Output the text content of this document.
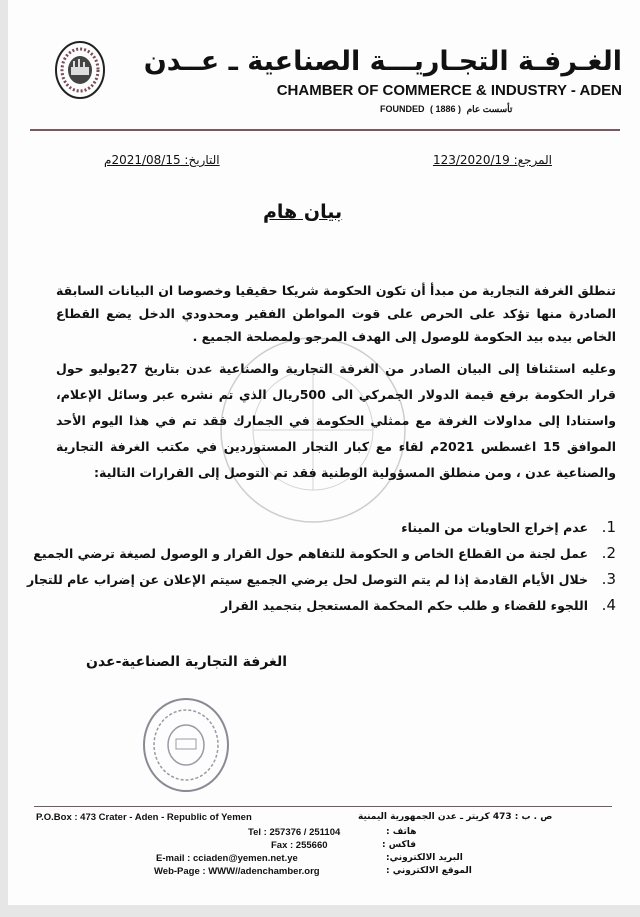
الغـرفـة التجـاريـــة الصناعية ـ عــدن
CHAMBER OF COMMERCE & INDUSTRY - ADEN
FOUNDED ( 1886 ) تأسست عام
المرجع: 123/2020/19
التاريخ: 2021/08/15م
بيان هام

تنطلق الغرفة التجارية من مبدأ أن تكون الحكومة شريكا حقيقيا وخصوصا ان البيانات السابقة الصادرة منها تؤكد على الحرص على قوت المواطن الفقير ومحدودي الدخل يضع القطاع الخاص بيده بيد الحكومة للوصول إلى الهدف المرجو ولمصلحة الجميع .

وعليه استئنافا إلى البيان الصادر من الغرفة التجارية والصناعية عدن بتاريخ 27يوليو حول قرار الحكومة برفع قيمة الدولار الجمركي الى 500ريال الذي تم نشره عبر وسائل الإعلام، واستنادا إلى مداولات الغرفة مع ممثلي الحكومة في الجمارك فقد تم في هذا اليوم الأحد الموافق 15 اغسطس 2021م لقاء مع كبار التجار المستوردين في مكتب الغرفة التجارية والصناعية عدن ، ومن منطلق المسؤولية الوطنية فقد تم التوصل إلى القرارات التالية:

1.عدم إخراج الحاويات من الميناء
2.عمل لجنة من القطاع الخاص و الحكومة للتفاهم حول القرار و الوصول لصيغة ترضي الجميع
3.خلال الأيام القادمة إذا لم يتم التوصل لحل يرضي الجميع سيتم الإعلان عن إضراب عام للتجار
4.اللجوء للقضاء و طلب حكم المحكمة المستعجل بتجميد القرار
الغرفة التجارية الصناعية-عدن
P.O.Box : 473 Crater - Aden - Republic of Yemen	ص . ب : 473 كريتر ـ عدن الجمهورية اليمنية
Tel : 257376 / 251104	هاتف :
Fax : 255660	فاكس :
E-mail : cciaden@yemen.net.ye	البريد الالكتروني:
Web-Page : WWW//adenchamber.org	الموقع الالكتروني :
